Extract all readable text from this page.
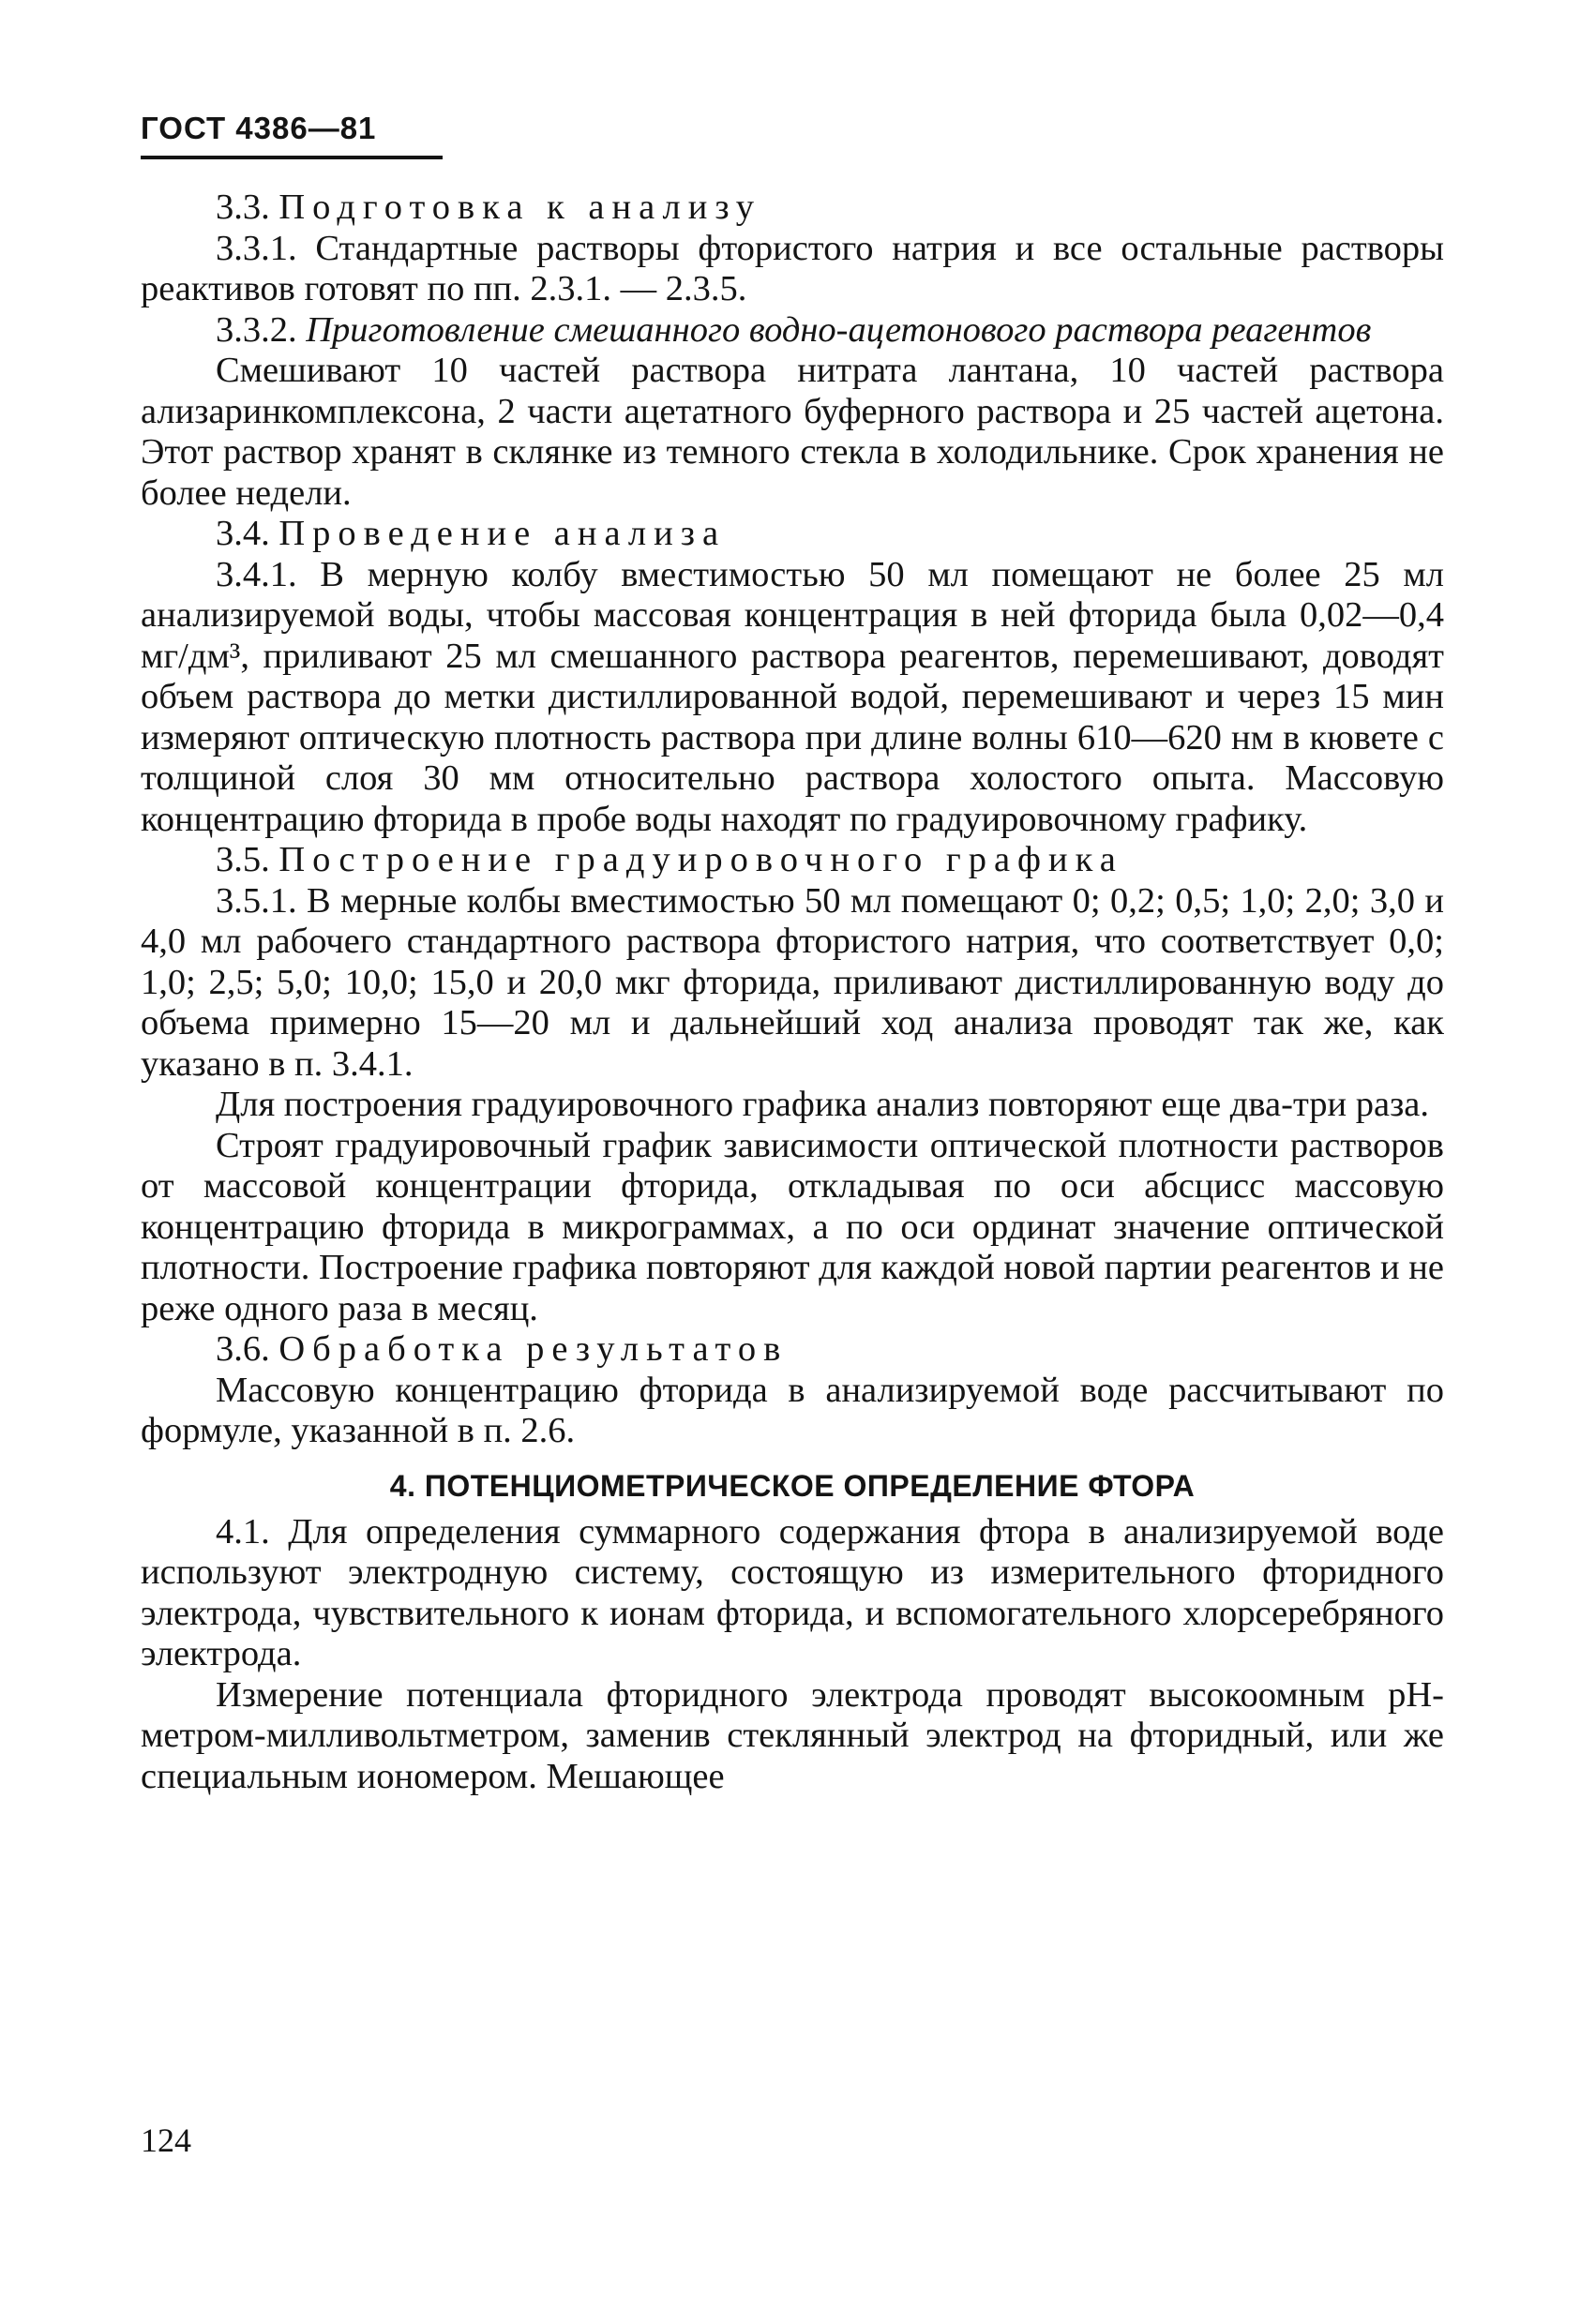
ГОСТ 4386—81

3.3. Подготовка к анализу

3.3.1. Стандартные растворы фтористого натрия и все остальные растворы реактивов готовят по пп. 2.3.1. — 2.3.5.

3.3.2. Приготовление смешанного водно-ацетонового раствора реагентов

Смешивают 10 частей раствора нитрата лантана, 10 частей раствора ализаринкомплексона, 2 части ацетатного буферного раствора и 25 частей ацетона. Этот раствор хранят в склянке из темного стекла в холодильнике. Срок хранения не более недели.

3.4. Проведение анализа

3.4.1. В мерную колбу вместимостью 50 мл помещают не более 25 мл анализируемой воды, чтобы массовая концентрация в ней фторида была 0,02—0,4 мг/дм³, приливают 25 мл смешанного раствора реагентов, перемешивают, доводят объем раствора до метки дистиллированной водой, перемешивают и через 15 мин измеряют оптическую плотность раствора при длине волны 610—620 нм в кювете с толщиной слоя 30 мм относительно раствора холостого опыта. Массовую концентрацию фторида в пробе воды находят по градуировочному графику.

3.5. Построение градуировочного графика

3.5.1. В мерные колбы вместимостью 50 мл помещают 0; 0,2; 0,5; 1,0; 2,0; 3,0 и 4,0 мл рабочего стандартного раствора фтористого натрия, что соответствует 0,0; 1,0; 2,5; 5,0; 10,0; 15,0 и 20,0 мкг фторида, приливают дистиллированную воду до объема примерно 15—20 мл и дальнейший ход анализа проводят так же, как указано в п. 3.4.1.

Для построения градуировочного графика анализ повторяют еще два-три раза.

Строят градуировочный график зависимости оптической плотности растворов от массовой концентрации фторида, откладывая по оси абсцисс массовую концентрацию фторида в микрограммах, а по оси ординат значение оптической плотности. Построение графика повторяют для каждой новой партии реагентов и не реже одного раза в месяц.

3.6. Обработка результатов

Массовую концентрацию фторида в анализируемой воде рассчитывают по формуле, указанной в п. 2.6.

4. ПОТЕНЦИОМЕТРИЧЕСКОЕ ОПРЕДЕЛЕНИЕ ФТОРА

4.1. Для определения суммарного содержания фтора в анализируемой воде используют электродную систему, состоящую из измерительного фторидного электрода, чувствительного к ионам фторида, и вспомогательного хлорсеребряного электрода.

Измерение потенциала фторидного электрода проводят высокоомным pH-метром-милливольтметром, заменив стеклянный электрод на фторидный, или же специальным иономером. Мешающее

124
